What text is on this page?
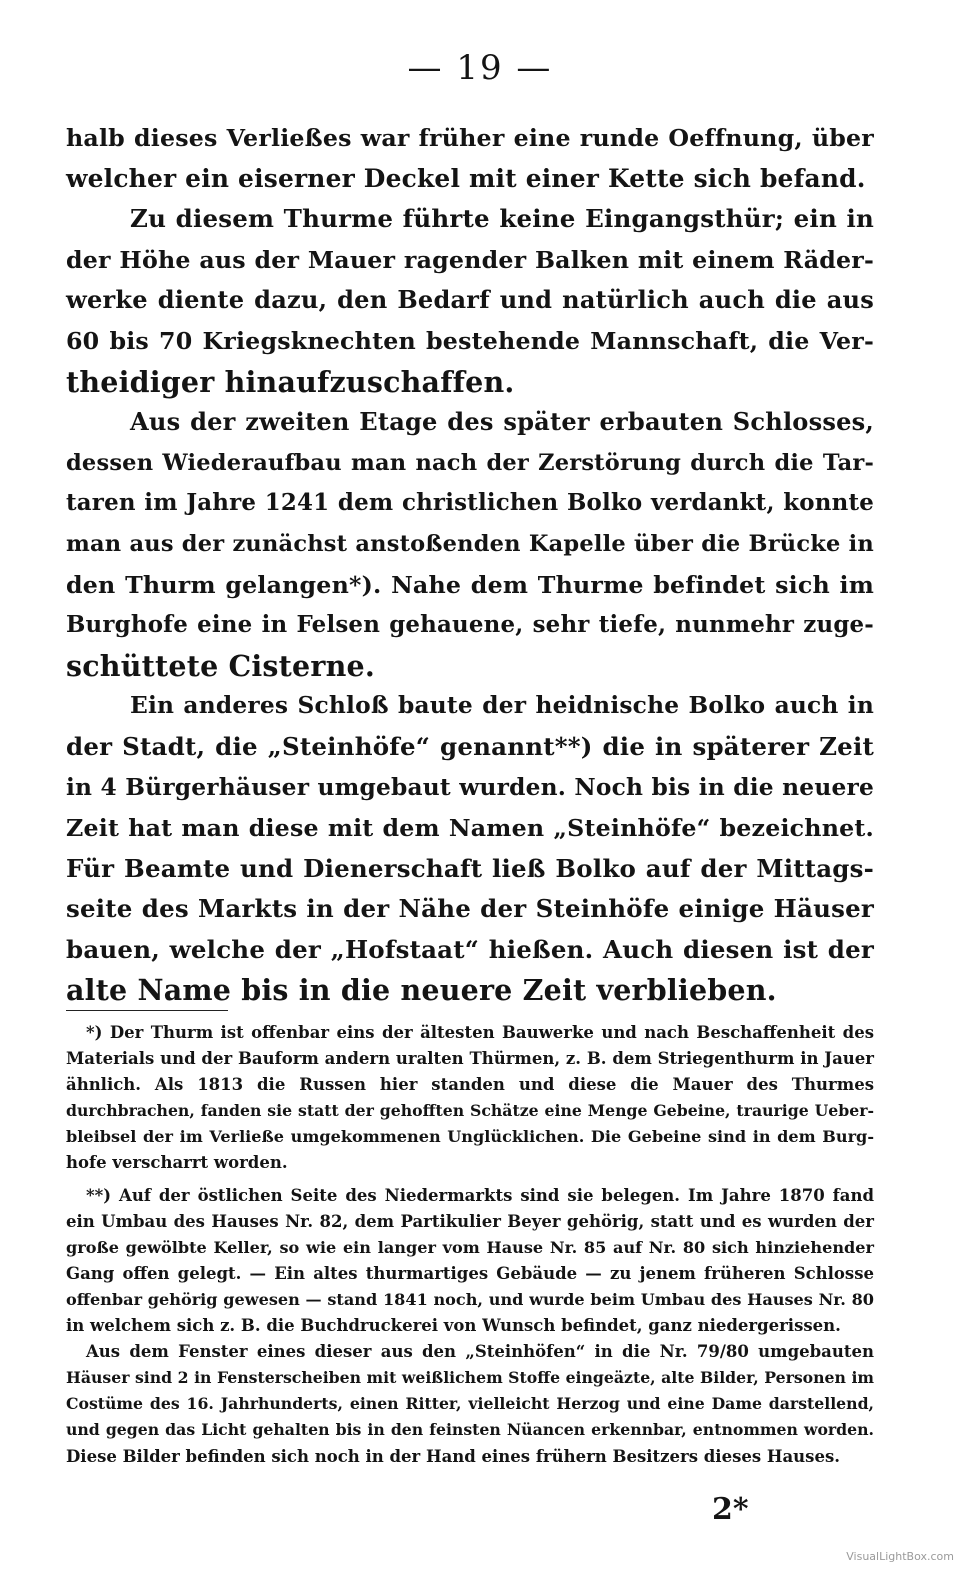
— 19 —
halb dieses Verließes war früher eine runde Oeffnung, über
welcher ein eiserner Deckel mit einer Kette sich befand.
Zu diesem Thurme führte keine Eingangsthür; ein in
der Höhe aus der Mauer ragender Balken mit einem Räder-
werke diente dazu, den Bedarf und natürlich auch die aus
60 bis 70 Kriegsknechten bestehende Mannschaft, die Ver-
theidiger hinaufzuschaffen.
Aus der zweiten Etage des später erbauten Schlosses,
dessen Wiederaufbau man nach der Zerstörung durch die Tar-
taren im Jahre 1241 dem christlichen Bolko verdankt, konnte
man aus der zunächst anstoßenden Kapelle über die Brücke in
den Thurm gelangen*). Nahe dem Thurme befindet sich im
Burghofe eine in Felsen gehauene, sehr tiefe, nunmehr zuge-
schüttete Cisterne.
Ein anderes Schloß baute der heidnische Bolko auch in
der Stadt, die „Steinhöfe“ genannt**) die in späterer Zeit
in 4 Bürgerhäuser umgebaut wurden. Noch bis in die neuere
Zeit hat man diese mit dem Namen „Steinhöfe“ bezeichnet.
Für Beamte und Dienerschaft ließ Bolko auf der Mittags-
seite des Markts in der Nähe der Steinhöfe einige Häuser
bauen, welche der „Hofstaat“ hießen. Auch diesen ist der
alte Name bis in die neuere Zeit verblieben.
*) Der Thurm ist offenbar eins der ältesten Bauwerke und nach Beschaffenheit des
Materials und der Bauform andern uralten Thürmen, z. B. dem Striegenthurm in Jauer
ähnlich. Als 1813 die Russen hier standen und diese die Mauer des Thurmes
durchbrachen, fanden sie statt der gehofften Schätze eine Menge Gebeine, traurige Ueber-
bleibsel der im Verließe umgekommenen Unglücklichen. Die Gebeine sind in dem Burg-
hofe verscharrt worden.
**) Auf der östlichen Seite des Niedermarkts sind sie belegen. Im Jahre 1870 fand
ein Umbau des Hauses Nr. 82, dem Partikulier Beyer gehörig, statt und es wurden der
große gewölbte Keller, so wie ein langer vom Hause Nr. 85 auf Nr. 80 sich hinziehender
Gang offen gelegt. — Ein altes thurmartiges Gebäude — zu jenem früheren Schlosse
offenbar gehörig gewesen — stand 1841 noch, und wurde beim Umbau des Hauses Nr. 80
in welchem sich z. B. die Buchdruckerei von Wunsch befindet, ganz niedergerissen.
Aus dem Fenster eines dieser aus den „Steinhöfen“ in die Nr. 79/80 umgebauten
Häuser sind 2 in Fensterscheiben mit weißlichem Stoffe eingeäzte, alte Bilder, Personen im
Costüme des 16. Jahrhunderts, einen Ritter, vielleicht Herzog und eine Dame darstellend,
und gegen das Licht gehalten bis in den feinsten Nüancen erkennbar, entnommen worden.
Diese Bilder befinden sich noch in der Hand eines frühern Besitzers dieses Hauses.
2*
VisualLightBox.com
